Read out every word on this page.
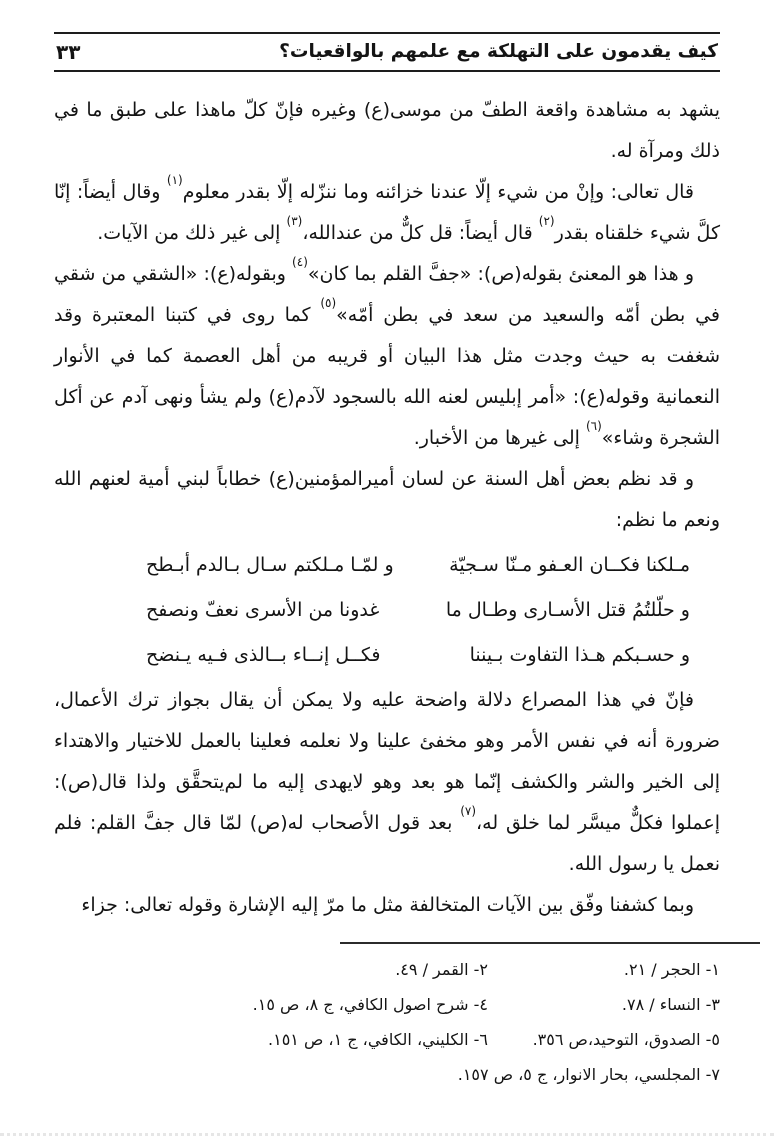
كيف يقدمون على التهلكة مع علمهم بالواقعيات؟
٣٣

يشهد به مشاهدة واقعة الطفّ من موسى(ع) وغيره فإنّ كلّ ماهذا على طبق ما في ذلك ومرآة له.

قال تعالى: وإنْ من شيء إلّا عندنا خزائنه وما ننزّله إلّا بقدر معلوم$^{(١)}$ وقال أيضاً: إنّا كلَّ شيء خلقناه بقدر$^{(٢)}$ قال أيضاً: قل كلٌّ من عندالله،$^{(٣)}$ إلى غير ذلك من الآيات.

و هذا هو المعنئ بقوله(ص): «جفَّ القلم بما كان»$^{(٤)}$ وبقوله(ع): «الشقي من شقي في بطن أمّه والسعيد من سعد في بطن أمّه»$^{(٥)}$ كما روى في كتبنا المعتبرة وقد شغفت به حيث وجدت مثل هذا البيان أو قريبه من أهل العصمة كما في الأنوار النعمانية وقوله(ع): «أمر إبليس لعنه الله بالسجود لآدم(ع) ولم يشأ ونهى آدم عن أكل الشجرة وشاء»$^{(٦)}$ إلى غيرها من الأخبار.

و قد نظم بعض أهل السنة عن لسان أميرالمؤمنين(ع) خطاباً لبني أمية لعنهم الله ونعم ما نظم:

مـلكنا فكــان العـفو مـنّا سـجيّة
و لمّـا مـلكتم سـال بـالدم أبـطح
و حلّلتُمُ قتل الأسـارى وطـال ما
غدونا من الأسرى نعفّ ونصفح
و حسـبكم هـذا التفاوت بـيننا
فكــل إنــاء بــالذى فـيه يـنضح

فإنّ في هذا المصراع دلالة واضحة عليه ولا يمكن أن يقال بجواز ترك الأعمال، ضرورة أنه في نفس الأمر وهو مخفئ علينا ولا نعلمه فعلينا بالعمل للاختيار والاهتداء إلى الخير والشر والكشف إنّما هو بعد وهو لايهدى إليه ما لم‌يتحقَّق ولذا قال(ص): إعملوا فكلٌّ ميسَّر لما خلق له،$^{(٧)}$ بعد قول الأصحاب له(ص) لمّا قال جفَّ القلم: فلم نعمل يا رسول الله.

وبما كشفنا وفّق بين الآيات المتخالفة مثل ما مرّ إليه الإشارة وقوله تعالى: جزاء

١- الحجر / ٢١.
٢- القمر / ٤٩.
٣- النساء / ٧٨.
٤- شرح اصول الكافي، ج ٨، ص ١٥.
٥- الصدوق، التوحيد،ص ٣٥٦.
٦- الكليني، الكافي، ج ١، ص ١٥١.
٧- المجلسي، بحار الانوار، ج ٥، ص ١٥٧.
